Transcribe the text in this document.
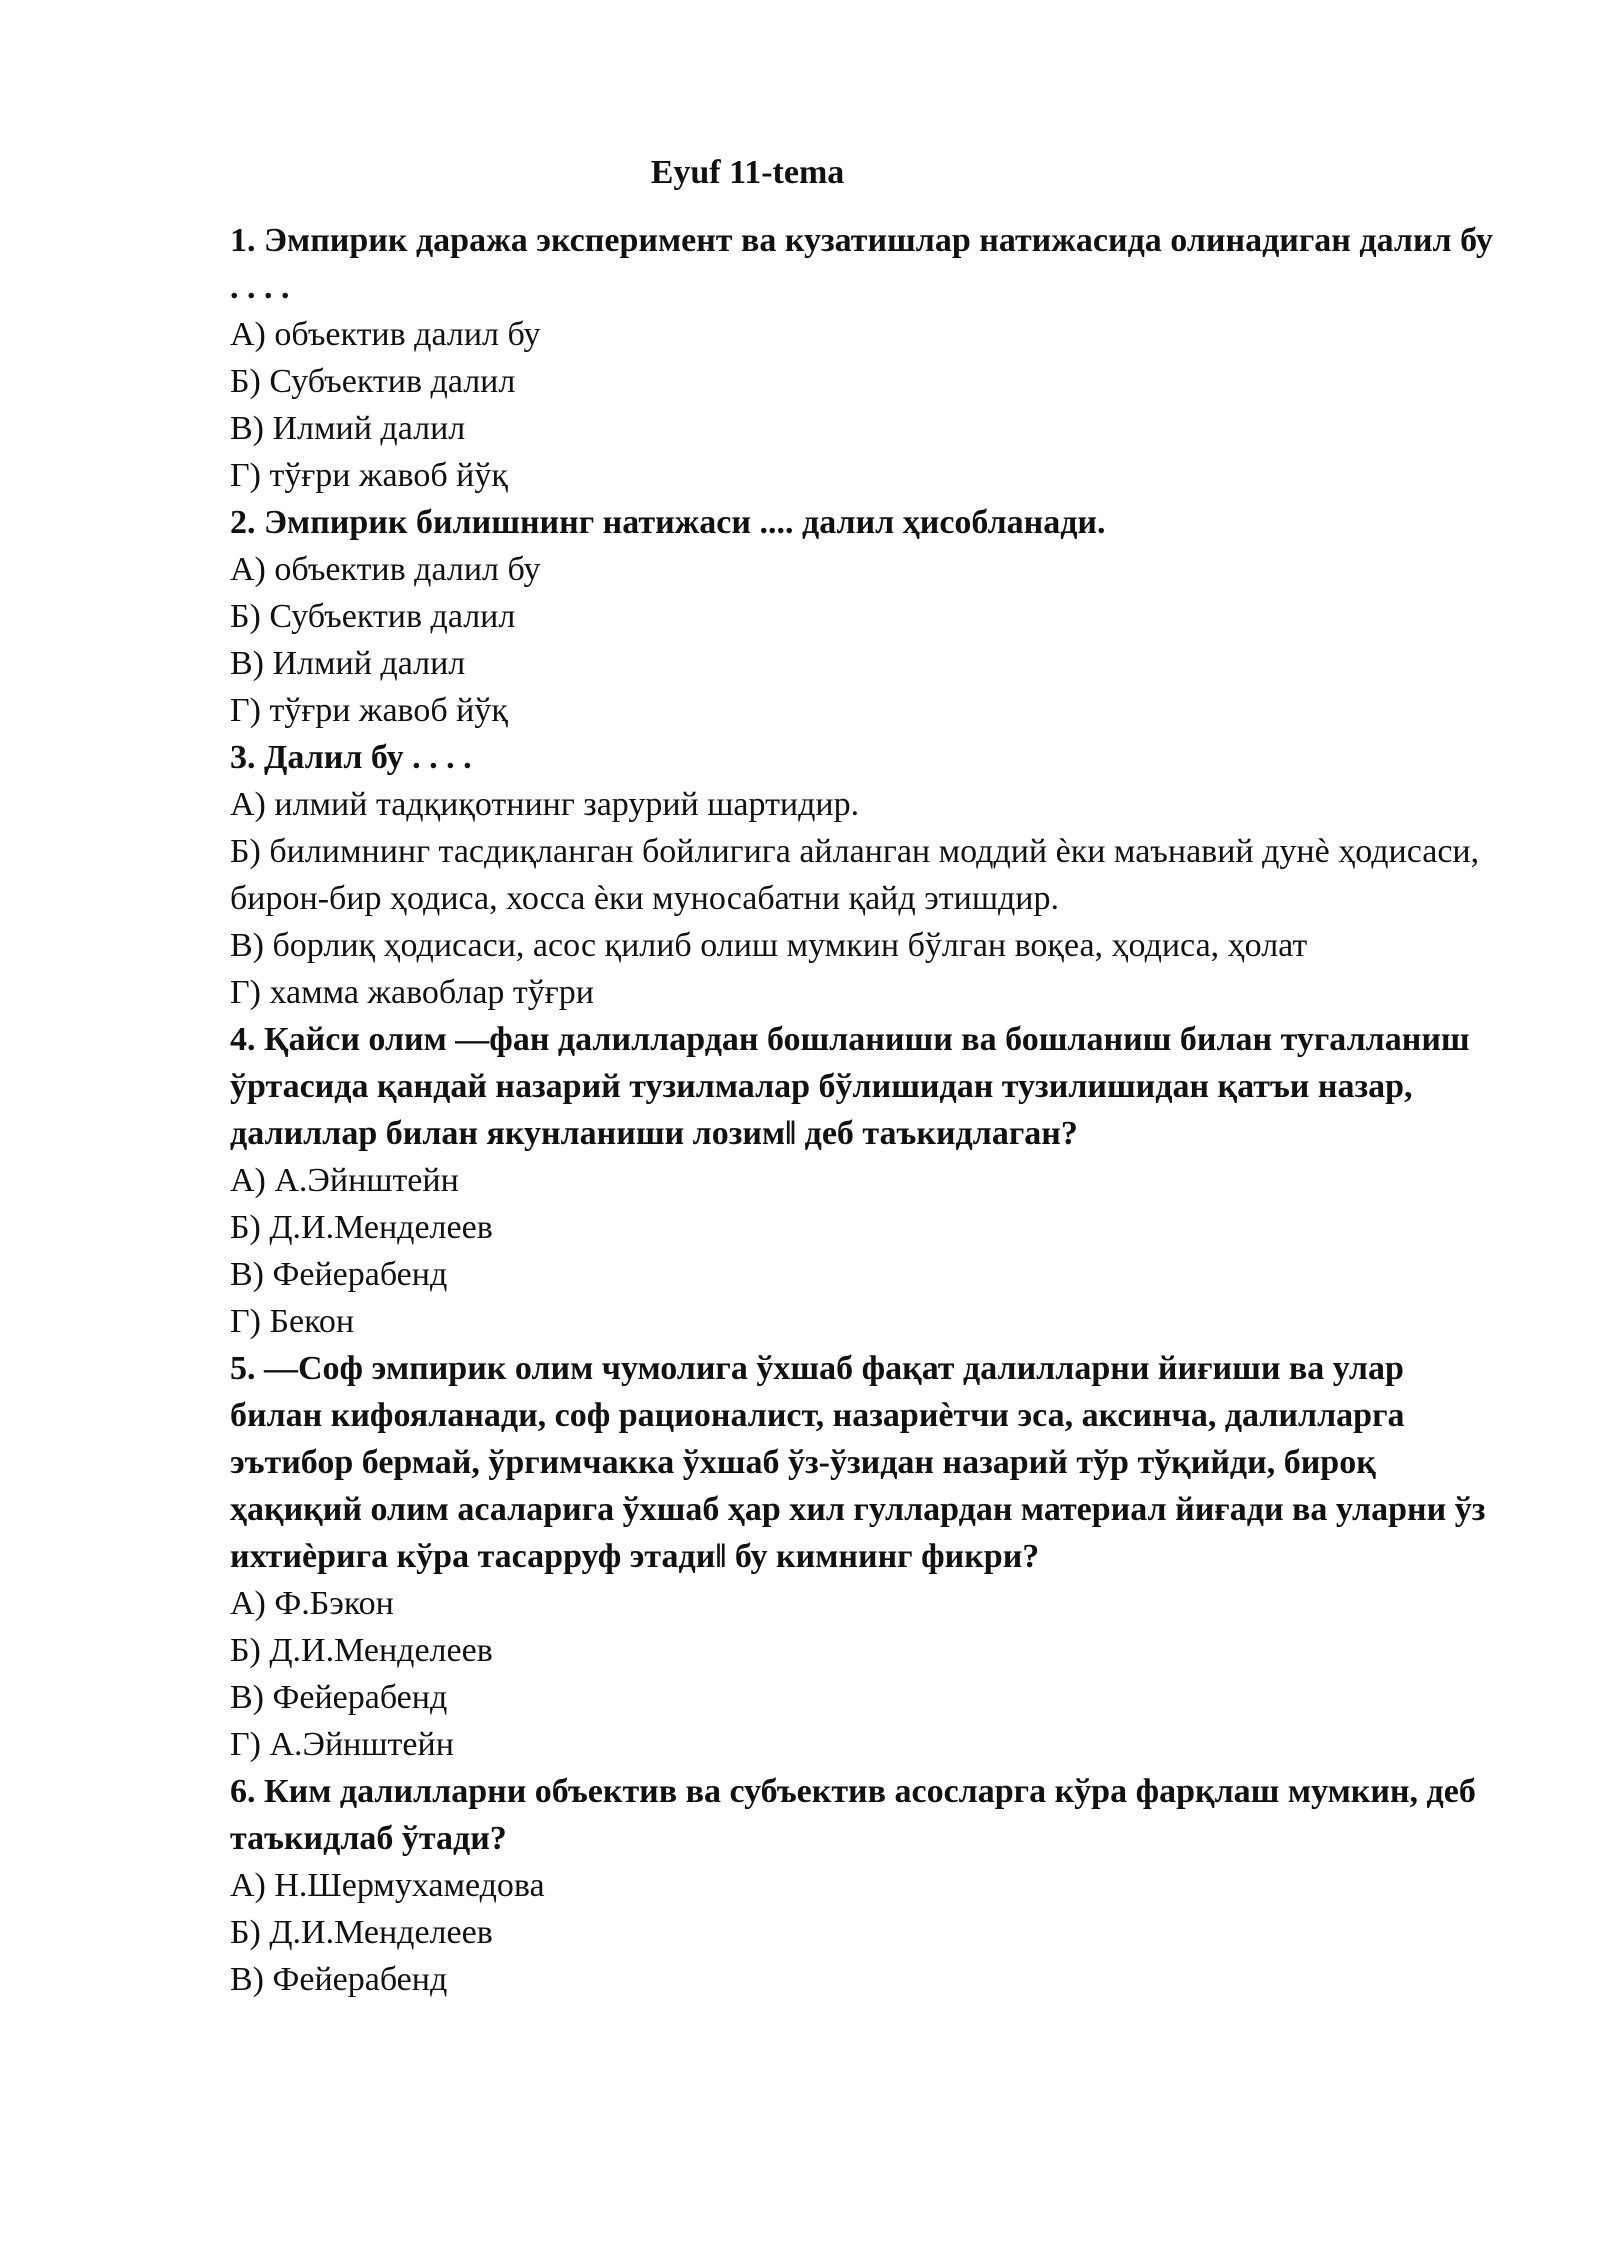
Eyuf 11-tema
1. Эмпирик даража эксперимент ва кузатишлар натижасида олинадиган далил бу . . . .
А) объектив далил бу
Б) Субъектив далил
В) Илмий далил
Г) тўғри жавоб йўқ
2. Эмпирик билишнинг натижаси .... далил ҳисобланади.
А) объектив далил бу
Б) Субъектив далил
В) Илмий далил
Г) тўғри жавоб йўқ
3. Далил бу . . . .
А) илмий тадқиқотнинг зарурий шартидир.
Б) билимнинг тасдиқланган бойлигига айланган моддий ѐки маънавий дунѐ ҳодисаси, бирон-бир ҳодиса, хосса ѐки муносабатни қайд этишдир.
В) борлиқ ҳодисаси, асос қилиб олиш мумкин бўлган воқеа, ҳодиса, ҳолат
Г) хамма жавоблар тўғри
4. Қайси олим ―фан далиллардан бошланиши ва бошланиш билан тугалланиш ўртасида қандай назарий тузилмалар бўлишидан тузилишидан қатъи назар, далиллар билан якунланиши лозим‖ деб таъкидлаган?
А) А.Эйнштейн
Б) Д.И.Менделеев
В) Фейерабенд
Г) Бекон
5. ―Соф эмпирик олим чумолига ўхшаб фақат далилларни йиғиши ва улар билан кифояланади, соф рационалист, назариѐтчи эса, аксинча, далилларга эътибор бермай, ўргимчакка ўхшаб ўз-ўзидан назарий тўр тўқийди, бироқ ҳақиқий олим асаларига ўхшаб ҳар хил гуллардан материал йиғади ва уларни ўз ихтиѐрига кўра тасарруф этади‖ бу кимнинг фикри?
А) Ф.Бэкон
Б) Д.И.Менделеев
В) Фейерабенд
Г) А.Эйнштейн
6. Ким далилларни объектив ва субъектив асосларга кўра фарқлаш мумкин, деб таъкидлаб ўтади?
А) Н.Шермухамедова
Б) Д.И.Менделеев
В) Фейерабенд
